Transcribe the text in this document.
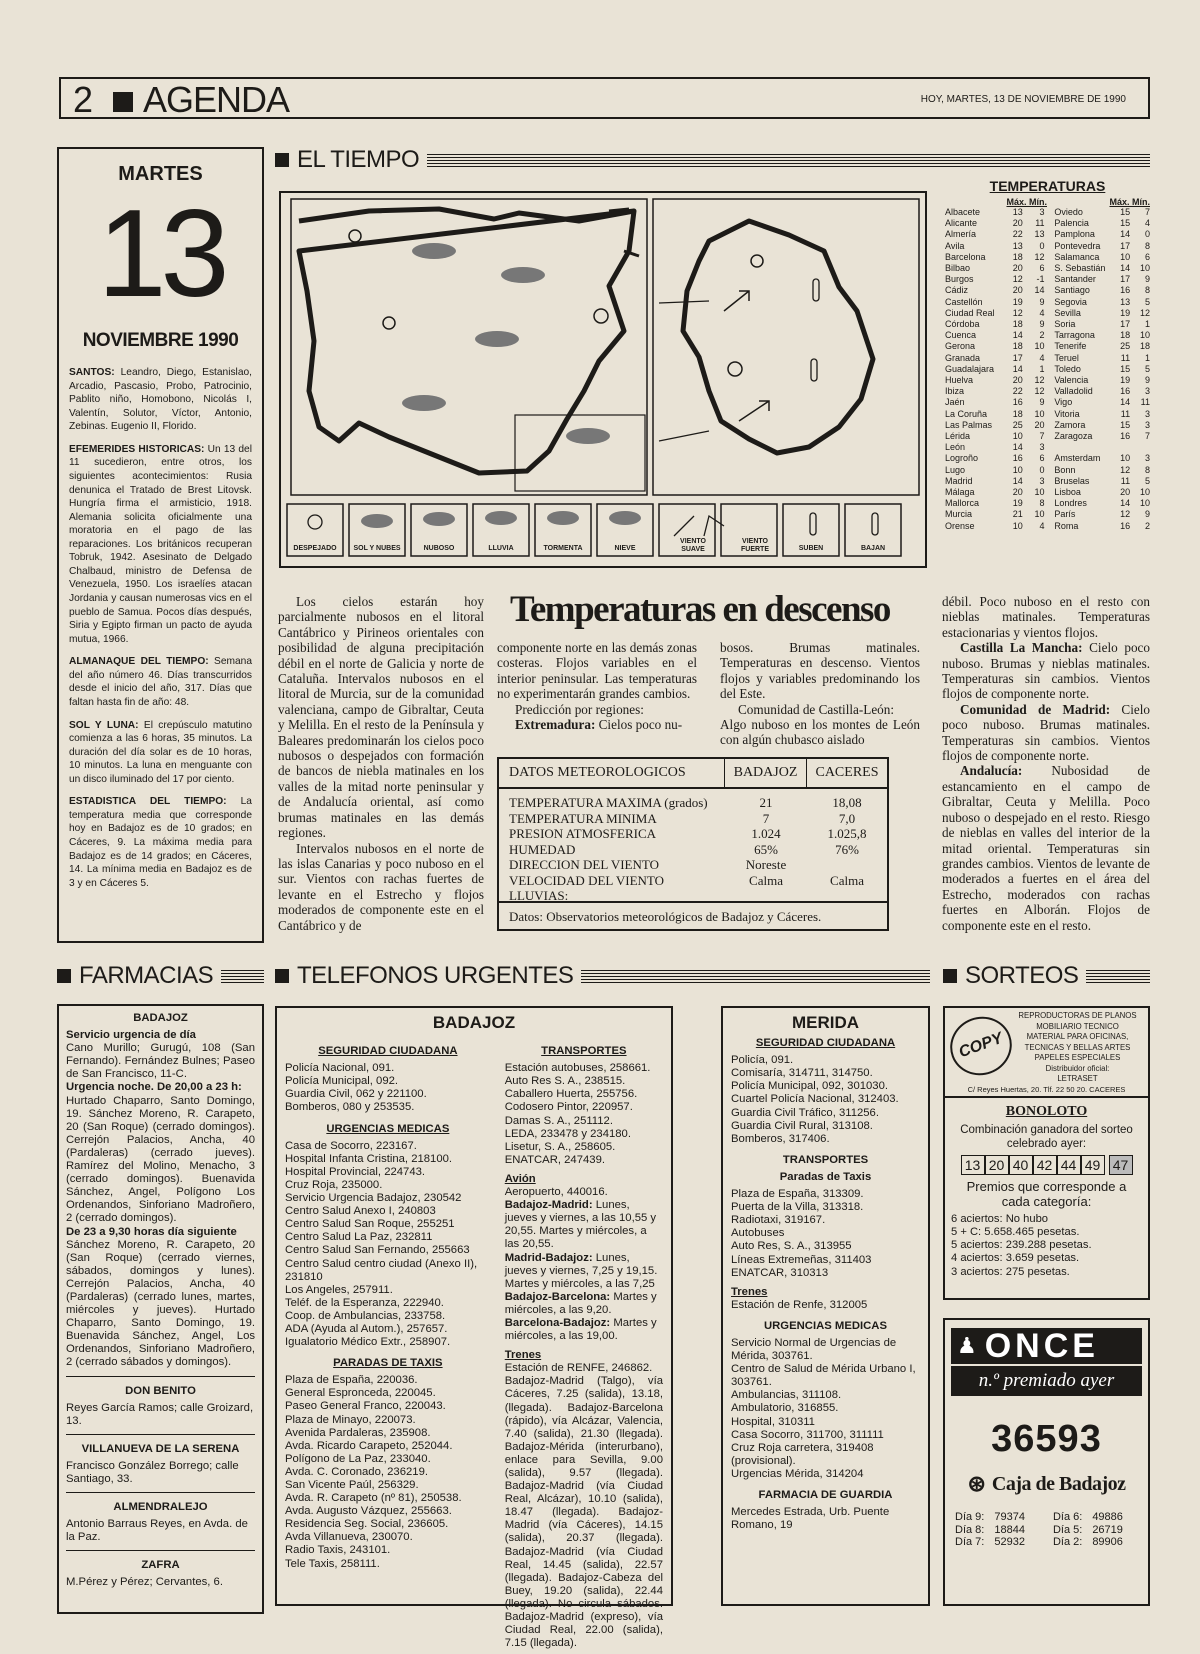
2 AGENDA	HOY, MARTES, 13 DE NOVIEMBRE DE 1990
MARTES
13
NOVIEMBRE 1990

SANTOS: Leandro, Diego, Estanislao, Arcadio, Pascasio, Probo, Patrocinio, Pablito niño, Homobono, Nicolás I, Valentín, Solutor, Víctor, Antonio, Zebinas. Eugenio II, Florido.

EFEMERIDES HISTORICAS: Un 13 del 11 sucedieron, entre otros, los siguientes acontecimientos: Rusia denunica el Tratado de Brest Litovsk. Hungría firma el armisticio, 1918. Alemania solicita oficialmente una moratoria en el pago de las reparaciones. Los británicos recuperan Tobruk, 1942. Asesinato de Delgado Chalbaud, ministro de Defensa de Venezuela, 1950. Los israelíes atacan Jordania y causan numerosas vics en el pueblo de Samua. Pocos días después, Siria y Egipto firman un pacto de ayuda mutua, 1966.

ALMANAQUE DEL TIEMPO: Semana del año número 46. Días transcurridos desde el inicio del año, 317. Días que faltan hasta fin de año: 48.

SOL Y LUNA: El crepúsculo matutino comienza a las 6 horas, 35 minutos. La duración del día solar es de 10 horas, 10 minutos. La luna en menguante con un disco iluminado del 17 por ciento.

ESTADISTICA DEL TIEMPO: La temperatura media que corresponde hoy en Badajoz es de 10 grados; en Cáceres, 9. La máxima media para Badajoz es de 14 grados; en Cáceres, 14. La mínima media en Badajoz es de 3 y en Cáceres 5.

EL TIEMPO
DESPEJADO SOL Y NUBES	NUBOSO	LLUVIA	TORMENTA	NIEVE
VIENTO
SUAVE
VIENTO
FUERTE	SUBEN	BAJAN
TEMPERATURAS
Máx. Mín.	Máx. Mín.
Albacete	13	3		Oviedo	15	7
Alicante	20	11		Palencia	15	4
Almería	22	13		Pamplona	14	0
Avila	13	0		Pontevedra	17	8
Barcelona	18	12		Salamanca	10	6
Bilbao	20	6		S. Sebastián	14	10
Burgos	12	-1		Santander	17	9
Cádiz	20	14		Santiago	16	8
Castellón	19	9		Segovia	13	5
Ciudad Real	12	4		Sevilla	19	12
Córdoba	18	9		Soria	17	1
Cuenca	14	2		Tarragona	18	10
Gerona	18	10		Tenerife	25	18
Granada	17	4		Teruel	11	1
Guadalajara	14	1		Toledo	15	5
Huelva	20	12		Valencia	19	9
Ibiza	22	12		Valladolid	16	3
Jaén	16	9		Vigo	14	11
La Coruña	18	10		Vitoria	11	3
Las Palmas	25	20		Zamora	15	3
Lérida	10	7		Zaragoza	16	7
León	14	3				
Logroño	16	6		Amsterdam	10	3
Lugo	10	0		Bonn	12	8
Madrid	14	3		Bruselas	11	5
Málaga	20	10		Lisboa	20	10
Mallorca	19	8		Londres	14	10
Murcia	21	10		París	12	9
Orense	10	4		Roma	16	2
Temperaturas en descenso

Los cielos estarán hoy parcialmente nubosos en el litoral Cantábrico y Pirineos orientales con posibilidad de alguna precipitación débil en el norte de Galicia y norte de Cataluña. Intervalos nubosos en el litoral de Murcia, sur de la comunidad valenciana, campo de Gibraltar, Ceuta y Melilla. En el resto de la Península y Baleares predominarán los cielos poco nubosos o despejados con formación de bancos de niebla matinales en los valles de la mitad norte peninsular y de Andalucía oriental, así como brumas matinales en las demás regiones.

Intervalos nubosos en el norte de las islas Canarias y poco nuboso en el sur. Vientos con rachas fuertes de levante en el Estrecho y flojos moderados de componente este en el Cantábrico y de

componente norte en las demás zonas costeras. Flojos variables en el interior peninsular. Las temperaturas no experimentarán grandes cambios.

Predicción por regiones:

Extremadura: Cielos poco nu-

bosos. Brumas matinales. Temperaturas en descenso. Vientos flojos y variables predominando los del Este.

Comunidad de Castilla-León:

Algo nuboso en los montes de León con algún chubasco aislado

débil. Poco nuboso en el resto con nieblas matinales. Temperaturas estacionarias y vientos flojos.

Castilla La Mancha: Cielo poco nuboso. Brumas y nieblas matinales. Temperaturas sin cambios. Vientos flojos de componente norte.

Comunidad de Madrid: Cielo poco nuboso. Brumas matinales. Temperaturas sin cambios. Vientos flojos de componente norte.

Andalucía: Nubosidad de estancamiento en el campo de Gibraltar, Ceuta y Melilla. Poco nuboso o despejado en el resto. Riesgo de nieblas en valles del interior de la mitad oriental. Temperaturas sin grandes cambios. Vientos de levante de moderados a fuertes en el área del Estrecho, moderados con rachas fuertes en Alborán. Flojos de componente este en el resto.

DATOS METEOROLOGICOS	BADAJOZ	CACERES
TEMPERATURA MAXIMA (grados)	21	18,08
TEMPERATURA MINIMA	7	7,0
PRESION ATMOSFERICA	1.024	1.025,8
HUMEDAD	65%	76%
DIRECCION DEL VIENTO	Noreste
VELOCIDAD DEL VIENTO	Calma	Calma
LLUVIAS:
Datos: Observatorios meteorológicos de Badajoz y Cáceres.
FARMACIAS
BADAJOZ

Servicio urgencia de día

Cano Murillo; Gurugú, 108 (San Fernando). Fernández Bulnes; Paseo de San Francisco, 11-C.

Urgencia noche. De 20,00 a 23 h:

Hurtado Chaparro, Santo Domingo, 19. Sánchez Moreno, R. Carapeto, 20 (San Roque) (cerrado domingos). Cerrejón Palacios, Ancha, 40 (Pardaleras) (cerrado jueves). Ramírez del Molino, Menacho, 3 (cerrado domingos). Buenavida Sánchez, Angel, Polígono Los Ordenandos, Sinforiano Madroñero, 2 (cerrado domingos).

De 23 a 9,30 horas día siguiente

Sánchez Moreno, R. Carapeto, 20 (San Roque) (cerrado viernes, sábados, domingos y lunes). Cerrejón Palacios, Ancha, 40 (Pardaleras) (cerrado lunes, martes, miércoles y jueves). Hurtado Chaparro, Santo Domingo, 19. Buenavida Sánchez, Angel, Los Ordenandos, Sinforiano Madroñero, 2 (cerrado sábados y domingos).

DON BENITO

Reyes García Ramos; calle Groizard, 13.

VILLANUEVA DE LA SERENA

Francisco González Borrego; calle Santiago, 33.

ALMENDRALEJO

Antonio Barraus Reyes, en Avda. de la Paz.

ZAFRA

M.Pérez y Pérez; Cervantes, 6.

TELEFONOS URGENTES
BADAJOZ
SEGURIDAD CIUDADANA

Policía Nacional, 091.

Policía Municipal, 092.

Guardia Civil, 062 y 221100.

Bomberos, 080 y 253535.

URGENCIAS MEDICAS

Casa de Socorro, 223167.

Hospital Infanta Cristina, 218100.

Hospital Provincial, 224743.

Cruz Roja, 235000.

Servicio Urgencia Badajoz, 230542

Centro Salud Anexo I, 240803

Centro Salud San Roque, 255251

Centro Salud La Paz, 232811

Centro Salud San Fernando, 255663

Centro Salud centro ciudad (Anexo II), 231810

Los Angeles, 257911.

Teléf. de la Esperanza, 222940.

Coop. de Ambulancias, 233758.

ADA (Ayuda al Autom.), 257657.

Igualatorio Médico Extr., 258907.

PARADAS DE TAXIS

Plaza de España, 220036.

General Espronceda, 220045.

Paseo General Franco, 220043.

Plaza de Minayo, 220073.

Avenida Pardaleras, 235908.

Avda. Ricardo Carapeto, 252044.

Polígono de La Paz, 233040.

Avda. C. Coronado, 236219.

San Vicente Paúl, 256329.

Avda. R. Carapeto (nº 81), 250538.

Avda. Augusto Vázquez, 255663.

Residencia Seg. Social, 236605.

Avda Villanueva, 230070.

Radio Taxis, 243101.

Tele Taxis, 258111.

TRANSPORTES

Estación autobuses, 258661.

Auto Res S. A., 238515.

Caballero Huerta, 255756.

Codosero Pintor, 220957.

Damas S. A., 251112.

LEDA, 233478 y 234180.

Lisetur, S. A., 258605.

ENATCAR, 247439.

Avión

Aeropuerto, 440016.

Badajoz-Madrid: Lunes, jueves y viernes, a las 10,55 y 20,55. Martes y miércoles, a las 20,55.

Madrid-Badajoz: Lunes, jueves y viernes, 7,25 y 19,15. Martes y miércoles, a las 7,25

Badajoz-Barcelona: Martes y miércoles, a las 9,20.

Barcelona-Badajoz: Martes y miércoles, a las 19,00.

Trenes

Estación de RENFE, 246862.

Badajoz-Madrid (Talgo), vía Cáceres, 7.25 (salida), 13.18, (llegada). Badajoz-Barcelona (rápido), vía Alcázar, Valencia, 7.40 (salida), 21.30 (llegada). Badajoz-Mérida (interurbano), enlace para Sevilla, 9.00 (salida), 9.57 (llegada). Badajoz-Madrid (vía Ciudad Real, Alcázar), 10.10 (salida), 18.47 (llegada). Badajoz-Madrid (vía Cáceres), 14.15 (salida), 20.37 (llegada). Badajoz-Madrid (vía Ciudad Real, 14.45 (salida), 22.57 (llegada). Badajoz-Cabeza del Buey, 19.20 (salida), 22.44 (llegada). No circula sábados. Badajoz-Madrid (expreso), vía Ciudad Real, 22.00 (salida), 7.15 (llegada).

MERIDA
SEGURIDAD CIUDADANA

Policía, 091.

Comisaría, 314711, 314750.

Policía Municipal, 092, 301030.

Cuartel Policía Nacional, 312403.

Guardia Civil Tráfico, 311256.

Guardia Civil Rural, 313108.

Bomberos, 317406.

TRANSPORTES
Paradas de Taxis

Plaza de España, 313309.

Puerta de la Villa, 313318.

Radiotaxi, 319167.

Autobuses

Auto Res, S. A., 313955

Líneas Extremeñas, 311403

ENATCAR, 310313

Trenes

Estación de Renfe, 312005

URGENCIAS MEDICAS

Servicio Normal de Urgencias de Mérida, 303761.

Centro de Salud de Mérida Urbano I, 303761.

Ambulancias, 311108.

Ambulatorio, 316855.

Hospital, 310311

Casa Socorro, 311700, 311111

Cruz Roja carretera, 319408 (provisional).

Urgencias Mérida, 314204

FARMACIA DE GUARDIA

Mercedes Estrada, Urb. Puente Romano, 19

SORTEOS
COPY

REPRODUCTORAS DE PLANOS

MOBILIARIO TECNICO

MATERIAL PARA OFICINAS,

TECNICAS Y BELLAS ARTES

PAPELES ESPECIALES

Distribuidor oficial:

LETRASET

C/ Reyes Huertas, 20. Tlf. 22 50 20. CACERES
BONOLOTO
Combinación ganadora del sorteo celebrado ayer:
13 20 40 42 44 49 47
Premios que corresponde a cada categoría:

6 aciertos: No hubo

5 + C: 5.658.465 pesetas.

5 aciertos: 239.288 pesetas.

4 aciertos: 3.659 pesetas.

3 aciertos: 275 pesetas.

♟ ONCE
n.º premiado ayer
36593
⊛ Caja de Badajoz
Día 9:	79374	Día 6:	49886
Día 8:	18844	Día 5:	26719
Día 7:	52932	Día 2:	89906
